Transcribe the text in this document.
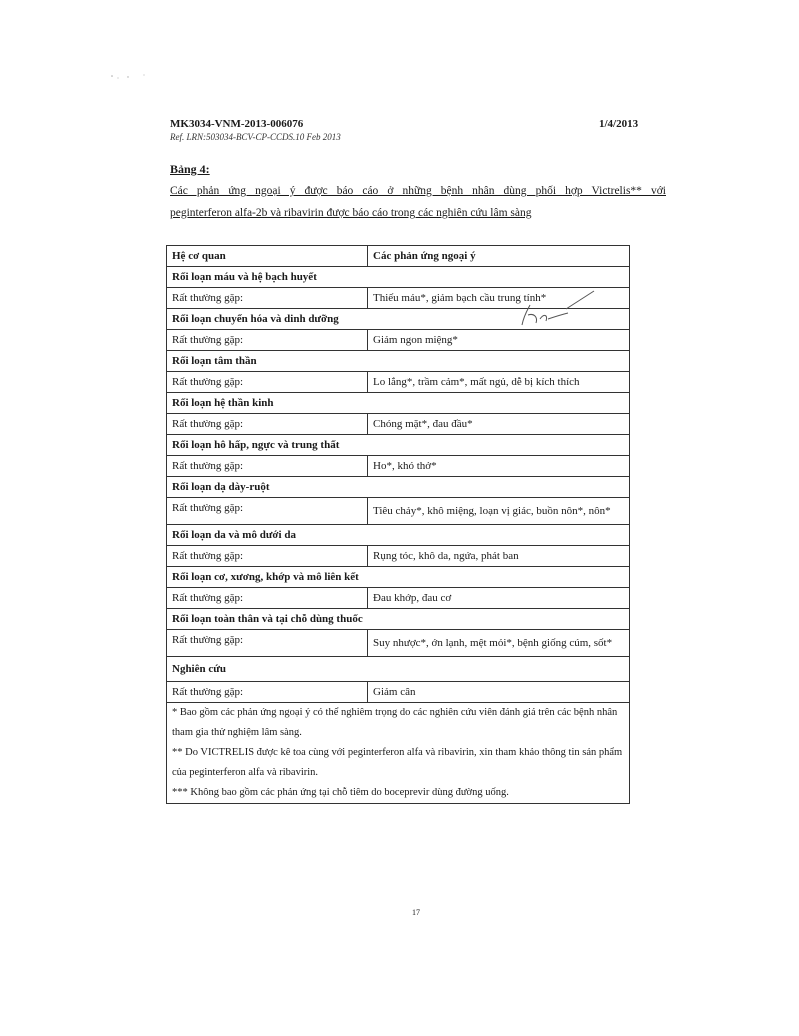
MK3034-VNM-2013-006076
Ref. LRN:503034-BCV-CP-CCDS.10 Feb 2013
1/4/2013
Bảng 4:
Các phản ứng ngoại ý được báo cáo ở những bệnh nhân dùng phối hợp Victrelis** với
peginterferon alfa-2b và ribavirin được báo cáo trong các nghiên cứu lâm sàng
Hệ cơ quan	Các phản ứng ngoại ý
Rối loạn máu và hệ bạch huyết	
Rất thường gặp:	Thiếu máu*, giảm bạch cầu trung tính*
Rối loạn chuyển hóa và dinh dưỡng	
Rất thường gặp:	Giảm ngon miệng*
Rối loạn tâm thần	
Rất thường gặp:	Lo lắng*, trầm cảm*, mất ngủ, dễ bị kích thích
Rối loạn hệ thần kinh	
Rất thường gặp:	Chóng mặt*, đau đầu*
Rối loạn hô hấp, ngực và trung thất	
Rất thường gặp:	Ho*, khó thở*
Rối loạn dạ dày-ruột	
Rất thường gặp:	Tiêu chảy*, khô miệng, loạn vị giác, buồn nôn*, nôn*
Rối loạn da và mô dưới da	
Rất thường gặp:	Rụng tóc, khô da, ngứa, phát ban
Rối loạn cơ, xương, khớp và mô liên kết	
Rất thường gặp:	Đau khớp, đau cơ
Rối loạn toàn thân và tại chỗ dùng thuốc	
Rất thường gặp:	Suy nhược*, ớn lạnh, mệt mỏi*, bệnh giống cúm, sốt*
Nghiên cứu	
Rất thường gặp:	Giảm cân

* Bao gồm các phản ứng ngoại ý có thể nghiêm trọng do các nghiên cứu viên đánh giá trên các bệnh nhân tham gia thử nghiệm lâm sàng.
** Do VICTRELIS được kê toa cùng với peginterferon alfa và ribavirin, xin tham khảo thông tin sản phẩm của peginterferon alfa và ribavirin.
*** Không bao gồm các phản ứng tại chỗ tiêm do boceprevir dùng đường uống.	
17
